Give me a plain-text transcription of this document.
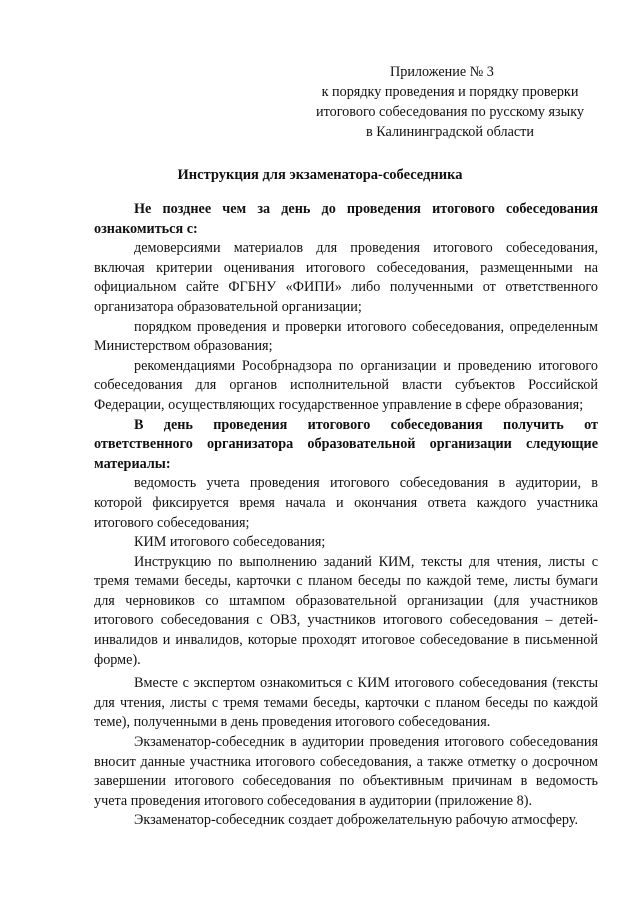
Приложение № 3
к порядку проведения и порядку проверки
итогового собеседования по русскому языку
в Калининградской области
Инструкция для экзаменатора-собеседника

Не позднее чем за день до проведения итогового собеседования ознакомиться с:

демоверсиями материалов для проведения итогового собеседования, включая критерии оценивания итогового собеседования, размещенными на официальном сайте ФГБНУ «ФИПИ» либо полученными от ответственного организатора образовательной организации;

порядком проведения и проверки итогового собеседования, определенным Министерством образования;

рекомендациями Рособрнадзора по организации и проведению итогового собеседования для органов исполнительной власти субъектов Российской Федерации, осуществляющих государственное управление в сфере образования;

В день проведения итогового собеседования получить от ответственного организатора образовательной организации следующие материалы:

ведомость учета проведения итогового собеседования в аудитории, в которой фиксируется время начала и окончания ответа каждого участника итогового собеседования;

КИМ итогового собеседования;

Инструкцию по выполнению заданий КИМ, тексты для чтения, листы с тремя темами беседы, карточки с планом беседы по каждой теме, листы бумаги для черновиков со штампом образовательной организации (для участников итогового собеседования с ОВЗ, участников итогового собеседования – детей-инвалидов и инвалидов, которые проходят итоговое собеседование в письменной форме).

Вместе с экспертом ознакомиться с КИМ итогового собеседования (тексты для чтения, листы с тремя темами беседы, карточки с планом беседы по каждой теме), полученными в день проведения итогового собеседования.

Экзаменатор-собеседник в аудитории проведения итогового собеседования вносит данные участника итогового собеседования, а также отметку о досрочном завершении итогового собеседования по объективным причинам в ведомость учета проведения итогового собеседования в аудитории (приложение 8).

Экзаменатор-собеседник создает доброжелательную рабочую атмосферу.
